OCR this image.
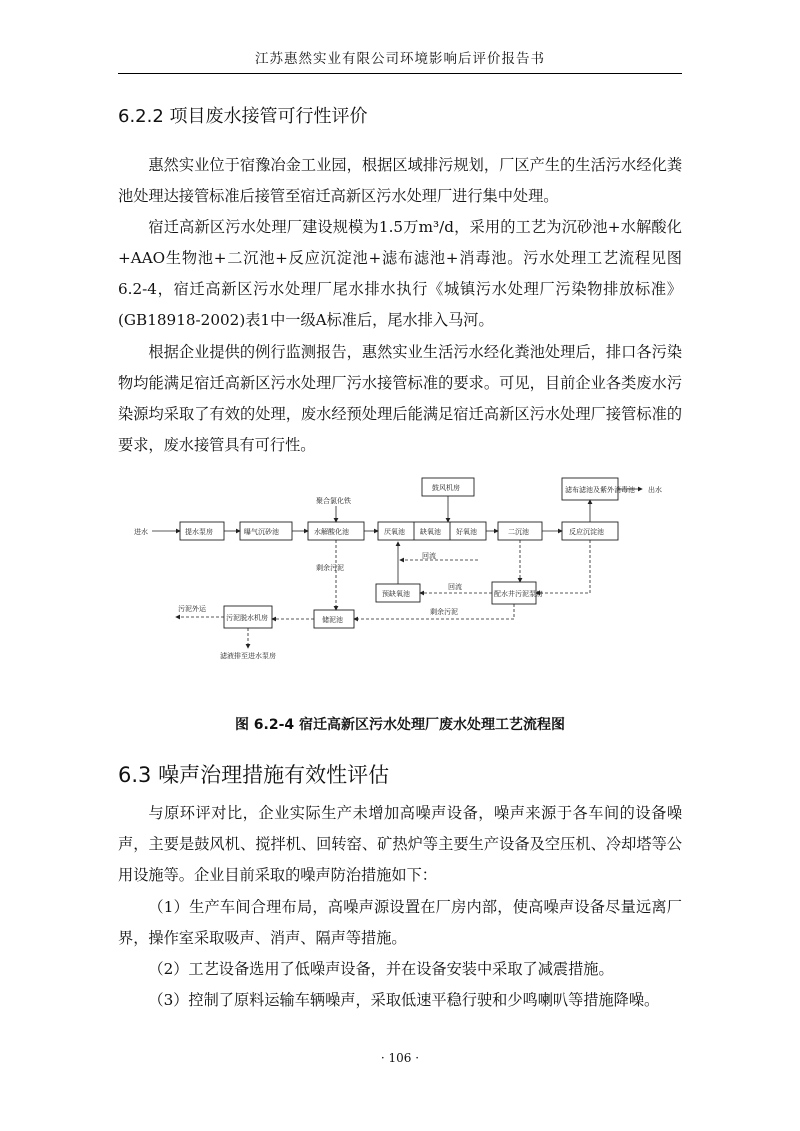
江苏惠然实业有限公司环境影响后评价报告书
6.2.2 项目废水接管可行性评价

惠然实业位于宿豫冶金工业园，根据区域排污规划，厂区产生的生活污水经化粪池处理达接管标准后接管至宿迁高新区污水处理厂进行集中处理。

宿迁高新区污水处理厂建设规模为1.5万m³/d，采用的工艺为沉砂池+水解酸化+AAO生物池+二沉池+反应沉淀池+滤布滤池+消毒池。污水处理工艺流程见图6.2-4，宿迁高新区污水处理厂尾水排水执行《城镇污水处理厂污染物排放标准》(GB18918-2002)表1中一级A标准后，尾水排入马河。

根据企业提供的例行监测报告，惠然实业生活污水经化粪池处理后，排口各污染物均能满足宿迁高新区污水处理厂污水接管标准的要求。可见，目前企业各类废水污染源均采取了有效的处理，废水经预处理后能满足宿迁高新区污水处理厂接管标准的要求，废水接管具有可行性。

进水	提水泵房	曝气沉砂池	水解酸化池	厌氧池 缺氧池 好氧池	二沉池	反应沉淀池
滤布滤池及紫外消毒池 出水
鼓风机房
聚合氯化铁
预缺氧池	配水井污泥泵房
储泥池
污泥脱水机房
污泥外运
滤液排至进水泵房
剩余污泥
剩余污泥
回流
回流
图 6.2-4 宿迁高新区污水处理厂废水处理工艺流程图
6.3 噪声治理措施有效性评估

与原环评对比，企业实际生产未增加高噪声设备，噪声来源于各车间的设备噪声，主要是鼓风机、搅拌机、回转窑、矿热炉等主要生产设备及空压机、冷却塔等公用设施等。企业目前采取的噪声防治措施如下：

（1）生产车间合理布局，高噪声源设置在厂房内部，使高噪声设备尽量远离厂界，操作室采取吸声、消声、隔声等措施。

（2）工艺设备选用了低噪声设备，并在设备安装中采取了减震措施。

（3）控制了原料运输车辆噪声，采取低速平稳行驶和少鸣喇叭等措施降噪。

· 106 ·
